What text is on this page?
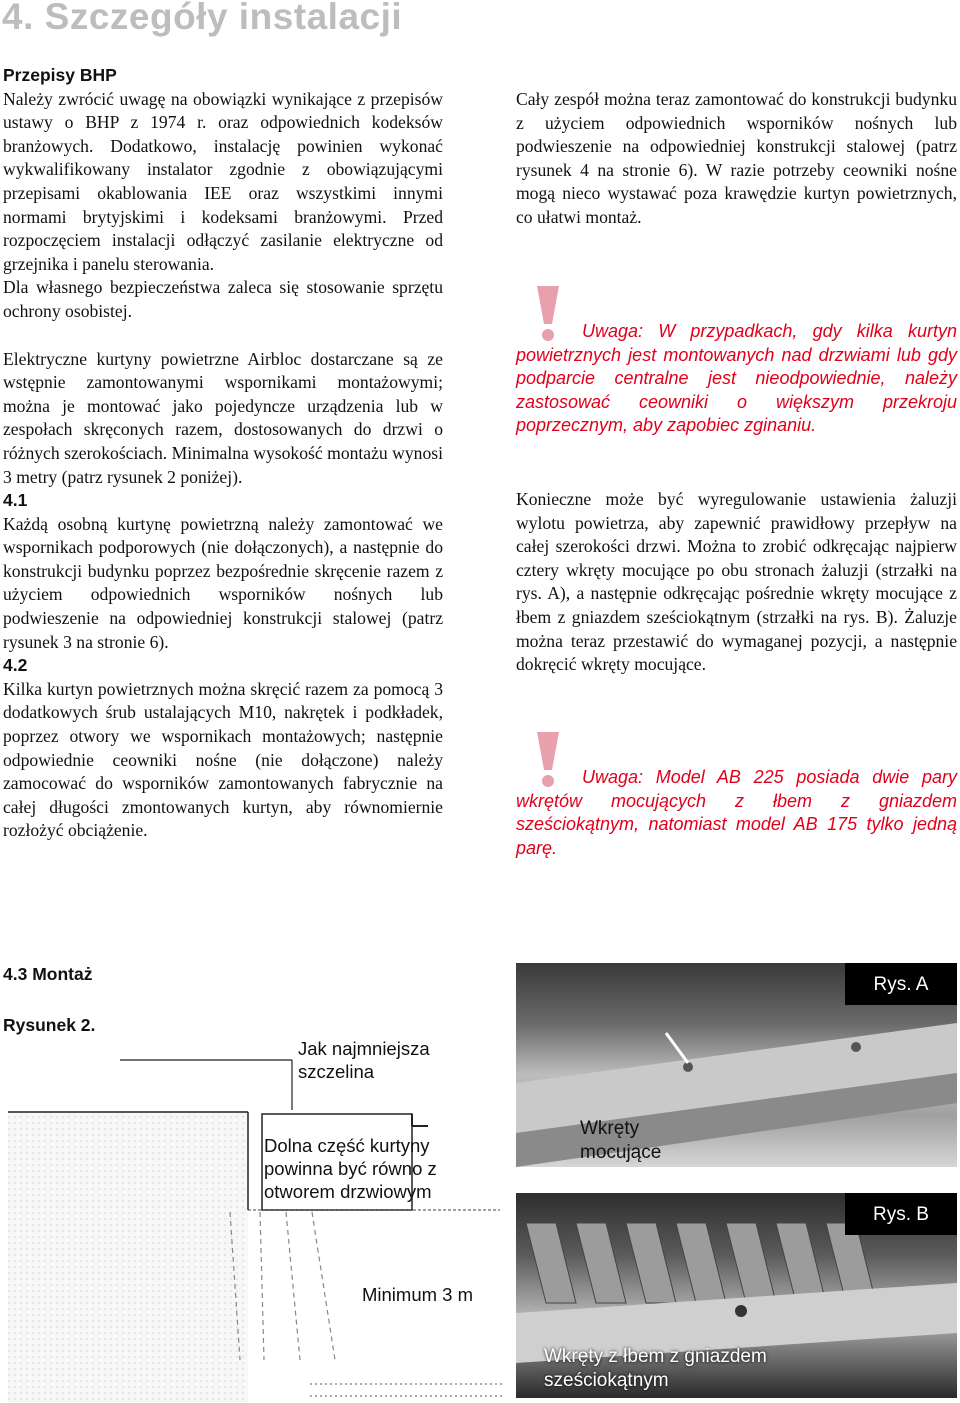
4. Szczegóły instalacji
Przepisy BHP

Należy zwrócić uwagę na obowiązki wynikające z przepisów ustawy o BHP z 1974 r. oraz odpowiednich kodeksów branżowych. Dodatkowo, instalację powinien wykonać wykwalifikowany instalator zgodnie z obowiązującymi przepisami okablowania IEE oraz wszystkimi innymi normami brytyjskimi i kodeksami branżowymi. Przed rozpoczęciem instalacji odłączyć zasilanie elektryczne od grzejnika i panelu sterowania.

Dla własnego bezpieczeństwa zaleca się stosowanie sprzętu ochrony osobistej.

Elektryczne kurtyny powietrzne Airbloc dostarczane są ze wstępnie zamontowanymi wspornikami montażowymi; można je montować jako pojedyncze urządzenia lub w zespołach skręconych razem, dostosowanych do drzwi o różnych szerokościach. Minimalna wysokość montażu wynosi 3 metry (patrz rysunek 2 poniżej).

4.1

Każdą osobną kurtynę powietrzną należy zamontować we wspornikach podporowych (nie dołączonych), a następnie do konstrukcji budynku poprzez bezpośrednie skręcenie razem z użyciem odpowiednich wsporników nośnych lub podwieszenie na odpowiedniej konstrukcji stalowej (patrz rysunek 3 na stronie 6).

4.2

Kilka kurtyn powietrznych można skręcić razem za pomocą 3 dodatkowych śrub ustalających M10, nakrętek i podkładek, poprzez otwory we wspornikach montażowych; następnie odpowiednie ceowniki nośne (nie dołączone) należy zamocować do wsporników zamontowanych fabrycznie na całej długości zmontowanych kurtyn, aby równomiernie rozłożyć obciążenie.

4.3 Montaż
Rysunek 2.
Cały zespół można teraz zamontować do konstrukcji budynku z użyciem odpowiednich wsporników nośnych lub podwieszenie na odpowiedniej konstrukcji stalowej (patrz rysunek 4 na stronie 6). W razie potrzeby ceowniki nośne mogą nieco wystawać poza krawędzie kurtyn powietrznych, co ułatwi montaż.
Uwaga: W przypadkach, gdy kilka kurtyn powietrznych jest montowanych nad drzwiami lub gdy podparcie centralne jest nieodpowiednie, należy zastosować ceowniki o większym przekroju poprzecznym, aby zapobiec zginaniu.
Konieczne może być wyregulowanie ustawienia żaluzji wylotu powietrza, aby zapewnić prawidłowy przepływ na całej szerokości drzwi. Można to zrobić odkręcając najpierw cztery wkręty mocujące po obu stronach żaluzji (strzałki na rys. A), a następnie odkręcając pośrednie wkręty mocujące z łbem z gniazdem sześciokątnym (strzałki na rys. B). Żaluzje można teraz przestawić do wymaganej pozycji, a następnie dokręcić wkręty mocujące.
Uwaga: Model AB 225 posiada dwie pary wkrętów mocujących z łbem z gniazdem sześciokątnym, natomiast model AB 175 tylko jedną parę.
Jak najmniejsza
szczelina
Dolna część kurtyny
powinna być równo z
otworem drzwiowym
Minimum 3 m
Rys. A
Wkręty
mocujące
Rys. B
Wkręty z łbem z gniazdem
sześciokątnym
